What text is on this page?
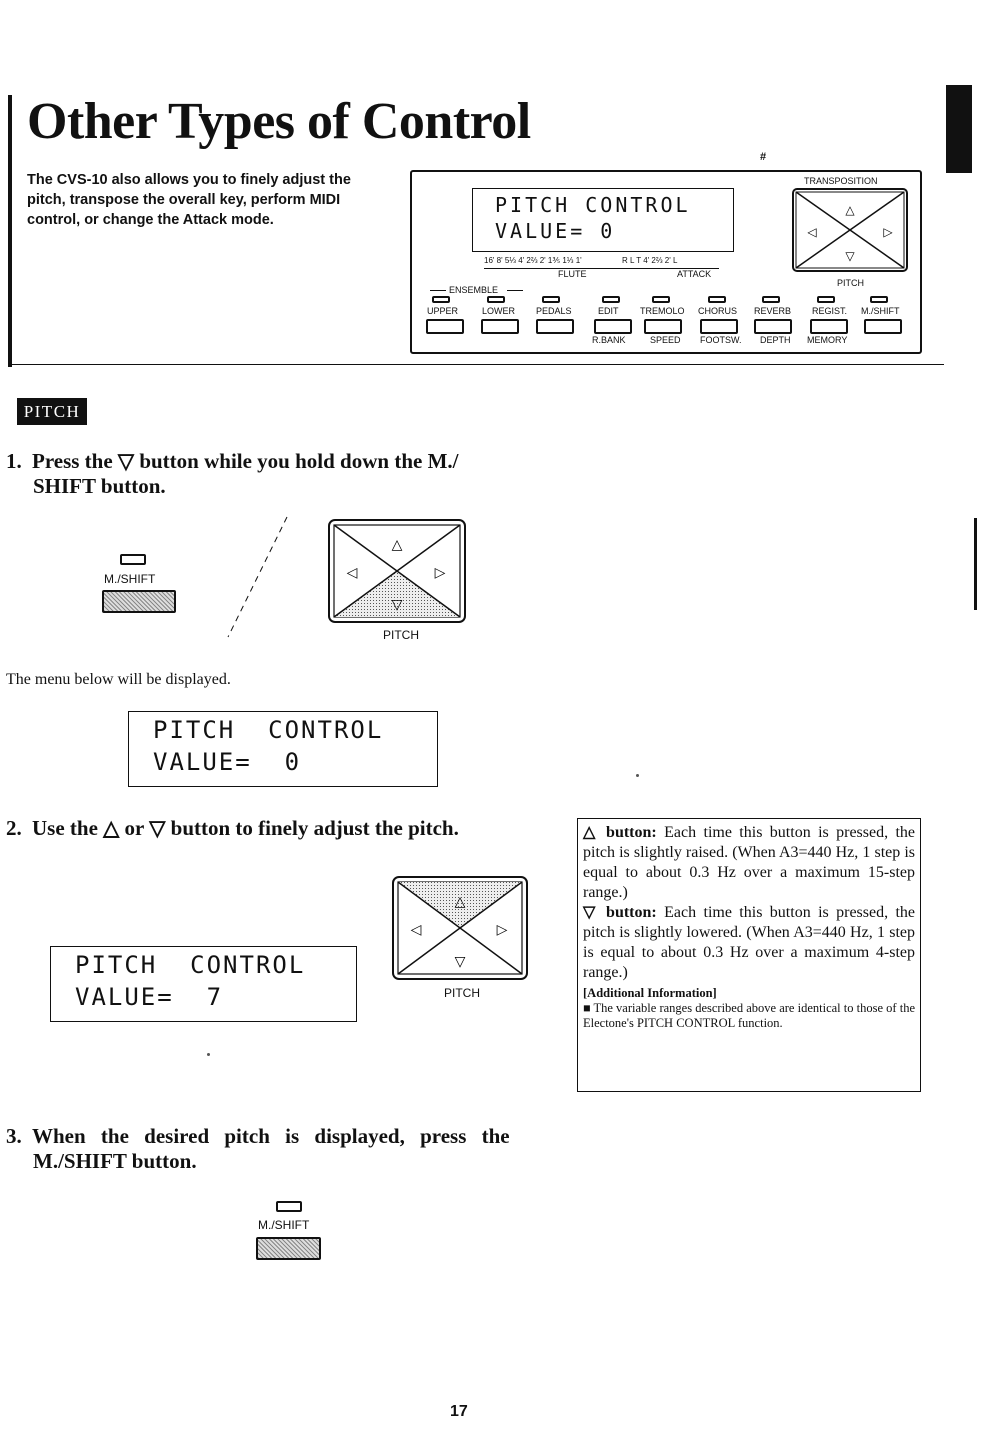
Other Types of Control
The CVS-10 also allows you to finely adjust the pitch, transpose the overall key, perform MIDI control, or change the Attack mode.
#
PITCH CONTROL
VALUE= 0
16' 8' 5⅓ 4' 2⅔ 2' 1⅗ 1⅓ 1'	R L T 4' 2⅔ 2' L
FLUTE	ATTACK
ENSEMBLE
TRANSPOSITION
△
▽
◁	▷
PITCH
UPPER	LOWER PEDALS	EDIT TREMOLO CHORUS REVERB REGIST. M./SHIFT
R.BANK	SPEED FOOTSW. DEPTH MEMORY
PITCH
1. Press the ▽ button while you hold down the M./
SHIFT button.
M./SHIFT
△
▽
◁	▷
PITCH
The menu below will be displayed.
PITCH  CONTROL
VALUE=  0
2. Use the △ or ▽ button to finely adjust the pitch.
PITCH  CONTROL
VALUE=  7
△
▽
◁	▷
PITCH

△ button: Each time this button is pressed, the pitch is slightly raised. (When A3=440 Hz, 1 step is equal to about 0.3 Hz over a maximum 15-step range.)

▽ button: Each time this button is pressed, the pitch is slightly lowered. (When A3=440 Hz, 1 step is equal to about 0.3 Hz over a maximum 4-step range.)

[Additional Information]

■ The variable ranges described above are identical to those of the Electone's PITCH CONTROL function.

3. When the desired pitch is displayed, press the
M./SHIFT button.
M./SHIFT
17
